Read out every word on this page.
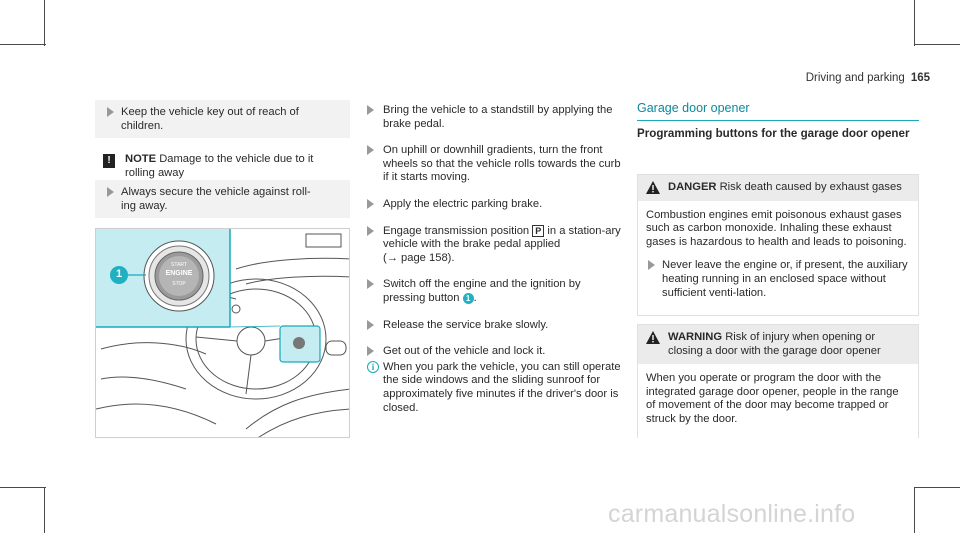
Driving and parking 165
Keep the vehicle key out of reach of children.
!	NOTE Damage to the vehicle due to it rolling away
Always secure the vehicle against roll-ing away.
1
START
ENGINE
STOP
Bring the vehicle to a standstill by applying the brake pedal.
On uphill or downhill gradients, turn the front wheels so that the vehicle rolls towards the curb if it starts moving.
Apply the electric parking brake.
Engage transmission position P in a station-ary vehicle with the brake pedal applied
(→ page 158).
Switch off the engine and the ignition by pressing button 1 .
Release the service brake slowly.
Get out of the vehicle and lock it.
i When you park the vehicle, you can still operate the side windows and the sliding sunroof for approximately five minutes if the driver's door is closed.
Garage door opener
Programming buttons for the garage door opener
DANGER Risk death caused by exhaust gases
Combustion engines emit poisonous exhaust gases such as carbon monoxide. Inhaling these exhaust gases is hazardous to health and leads to poisoning.
Never leave the engine or, if present, the auxiliary heating running in an enclosed space without sufficient venti-lation.
WARNING Risk of injury when opening or closing a door with the garage door opener
When you operate or program the door with the integrated garage door opener, people in the range of movement of the door may become trapped or struck by the door.
carmanualsonline.info
